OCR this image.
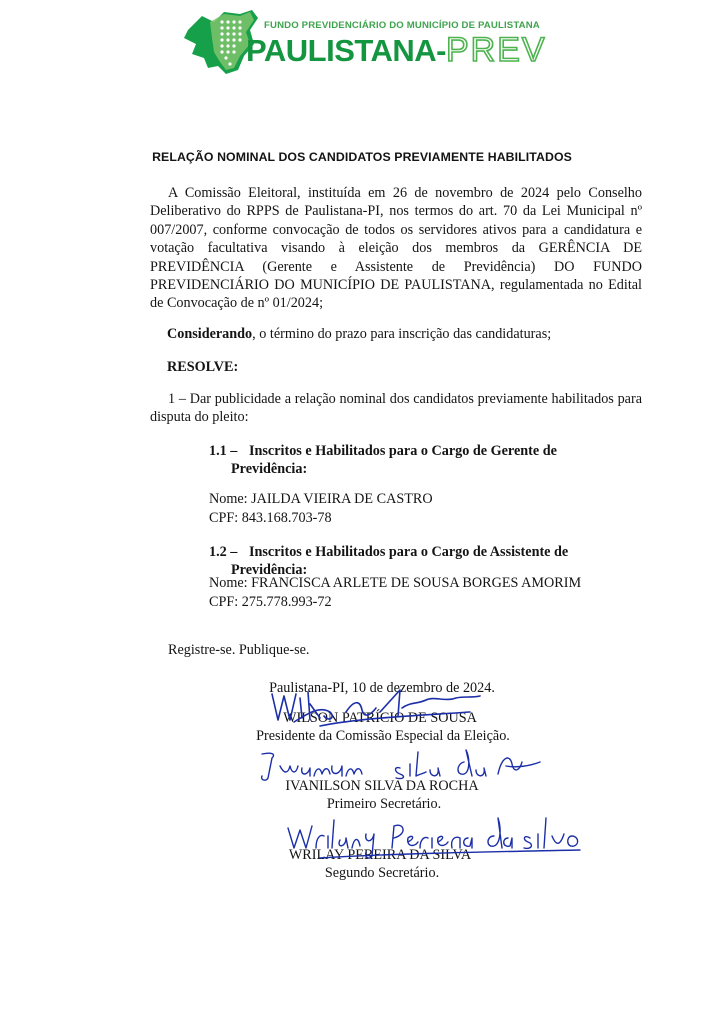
FUNDO PREVIDENCIÁRIO DO MUNICÍPIO DE PAULISTANA
PAULISTANA-PREV
RELAÇÃO NOMINAL DOS CANDIDATOS PREVIAMENTE HABILITADOS
A Comissão Eleitoral, instituída em 26 de novembro de 2024 pelo Conselho Deliberativo do RPPS de Paulistana-PI, nos termos do art. 70 da Lei Municipal nº 007/2007, conforme convocação de todos os servidores ativos para a candidatura e votação facultativa visando à eleição dos membros da GERÊNCIA DE PREVIDÊNCIA (Gerente e Assistente de Previdência) DO FUNDO PREVIDENCIÁRIO DO MUNICÍPIO DE PAULISTANA, regulamentada no Edital de Convocação de nº 01/2024;
Considerando, o término do prazo para inscrição das candidaturas;
RESOLVE:
1 – Dar publicidade a relação nominal dos candidatos previamente habilitados para disputa do pleito:
1.1 – Inscritos e Habilitados para o Cargo de Gerente de
Previdência:
Nome: JAILDA VIEIRA DE CASTRO
CPF: 843.168.703-78
1.2 – Inscritos e Habilitados para o Cargo de Assistente de
Previdência:
Nome: FRANCISCA ARLETE DE SOUSA BORGES AMORIM
CPF: 275.778.993-72
Registre-se. Publique-se.
Paulistana-PI, 10 de dezembro de 2024.
WILSON PATRÍCIO DE SOUSA
Presidente da Comissão Especial da Eleição.
IVANILSON SILVA DA ROCHA
Primeiro Secretário.
WRILAY PEREIRA DA SILVA
Segundo Secretário.
